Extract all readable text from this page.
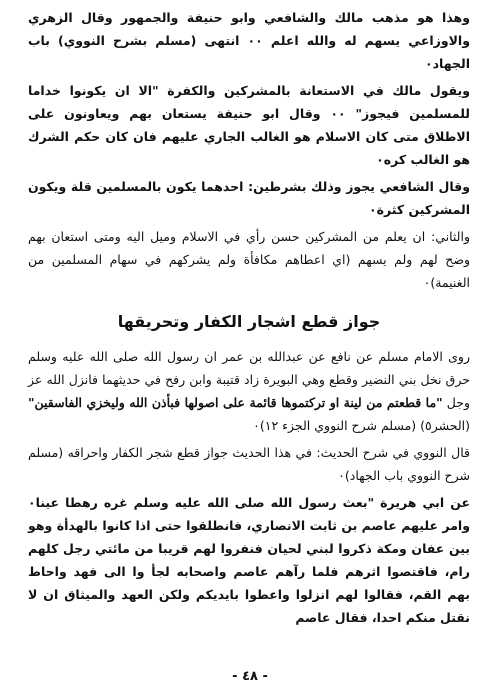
وهذا هو مذهب مالك والشافعي وابو حنيفة والجمهور وقال الزهري والاوزاعي يسهم له والله اعلم ٠٠ انتهى (مسلم بشرح النووي) باب الجهاد٠

ويقول مالك في الاستعانة بالمشركين والكفرة "الا ان يكونوا خداما للمسلمين فيجوز" ٠٠ وقال ابو حنيفة يستعان بهم ويعاونون على الاطلاق متى كان الاسلام هو الغالب الجاري عليهم فان كان حكم الشرك هو الغالب كره٠

وقال الشافعي يجوز وذلك بشرطين: احدهما يكون بالمسلمين قلة ويكون المشركين كثرة٠

والثاني: ان يعلم من المشركين حسن رأي في الاسلام وميل اليه ومتى استعان بهم وضح لهم ولم يسهم (اي اعطاهم مكافأة ولم يشركهم في سهام المسلمين من الغنيمة)٠

جواز قطع اشجار الكفار وتحريقها

روى الامام مسلم عن نافع عن عبدالله بن عمر ان رسول الله صلى الله عليه وسلم حرق نخل بني النضير وقطع وهي البويرة زاد قتيبة وابن رفح في حديثهما فانزل الله عز وجل "ما قطعتم من لينة او تركتموها قائمة على اصولها فبأذن الله وليخزي الفاسقين" (الحشر٥) (مسلم شرح النووي الجزء ١٢)٠

قال النووي في شرح الحديث: في هذا الحديث جواز قطع شجر الكفار واحراقه (مسلم شرح النووي باب الجهاد)٠

عن ابي هريرة "بعث رسول الله صلى الله عليه وسلم غره رهطا عينا٠ وامر عليهم عاصم بن ثابت الانصاري، فانطلقوا حتى اذا كانوا بالهدأة وهو بين عفان ومكة ذكروا لبني لحيان فنفروا لهم قريبا من مائتي رجل كلهم رام، فاقتصوا اثرهم فلما رآهم عاصم واصحابه لجأ وا الى فهد واحاط بهم القم، فقالوا لهم انزلوا واعطوا بايديكم ولكن العهد والميثاق ان لا نقتل منكم احدا، فقال عاصم

- ٤٨ -
